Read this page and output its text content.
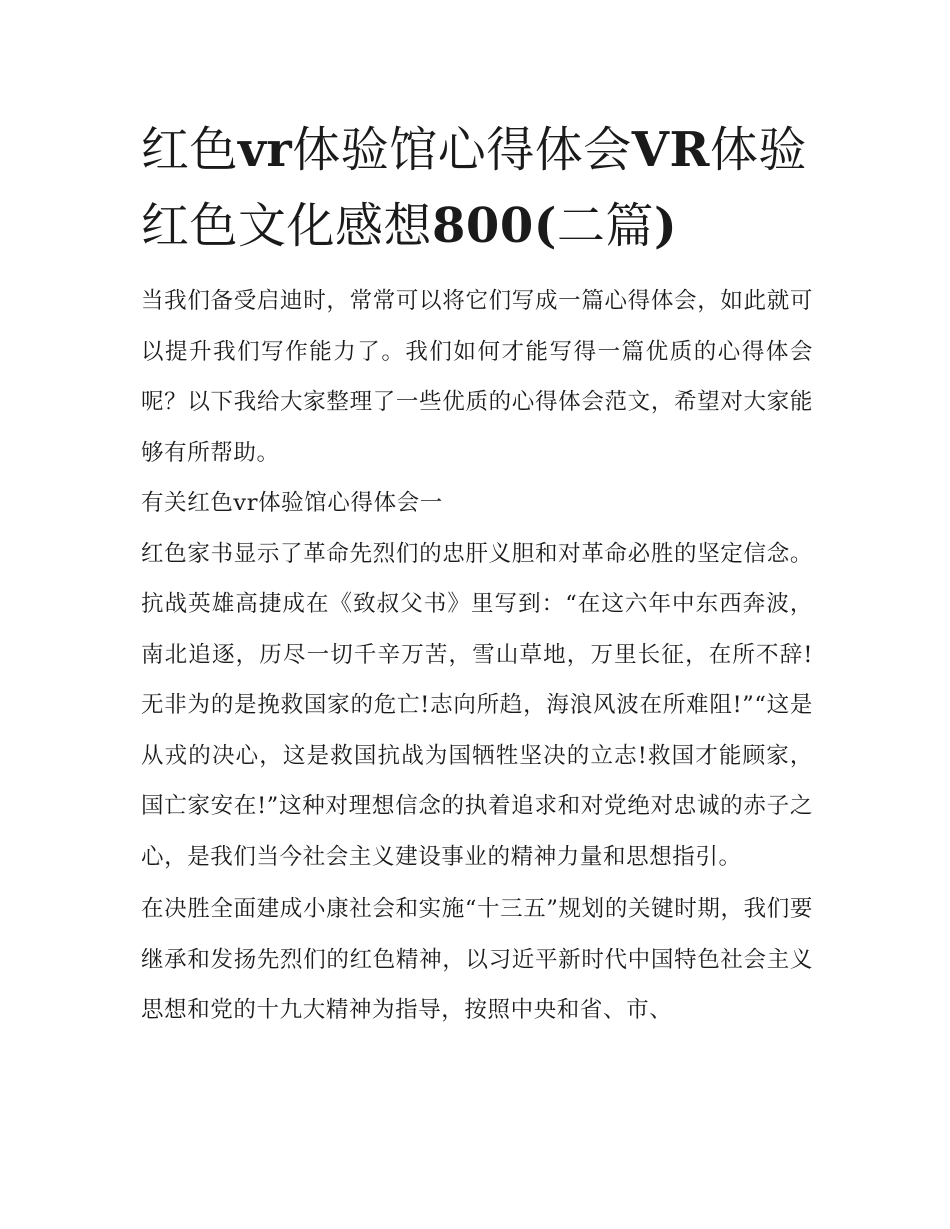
红色vr体验馆心得体会VR体验红色文化感想800(二篇)

当我们备受启迪时，常常可以将它们写成一篇心得体会，如此就可以提升我们写作能力了。我们如何才能写得一篇优质的心得体会呢？以下我给大家整理了一些优质的心得体会范文，希望对大家能够有所帮助。

有关红色vr体验馆心得体会一

红色家书显示了革命先烈们的忠肝义胆和对革命必胜的坚定信念。抗战英雄高捷成在《致叔父书》里写到：“在这六年中东西奔波，南北追逐，历尽一切千辛万苦，雪山草地，万里长征，在所不辞!无非为的是挽救国家的危亡!志向所趋，海浪风波在所难阻!”“这是从戎的决心，这是救国抗战为国牺牲坚决的立志!救国才能顾家，国亡家安在!”这种对理想信念的执着追求和对党绝对忠诚的赤子之心，是我们当今社会主义建设事业的精神力量和思想指引。

在决胜全面建成小康社会和实施“十三五”规划的关键时期，我们要继承和发扬先烈们的红色精神，以习近平新时代中国特色社会主义思想和党的十九大精神为指导，按照中央和省、市、
